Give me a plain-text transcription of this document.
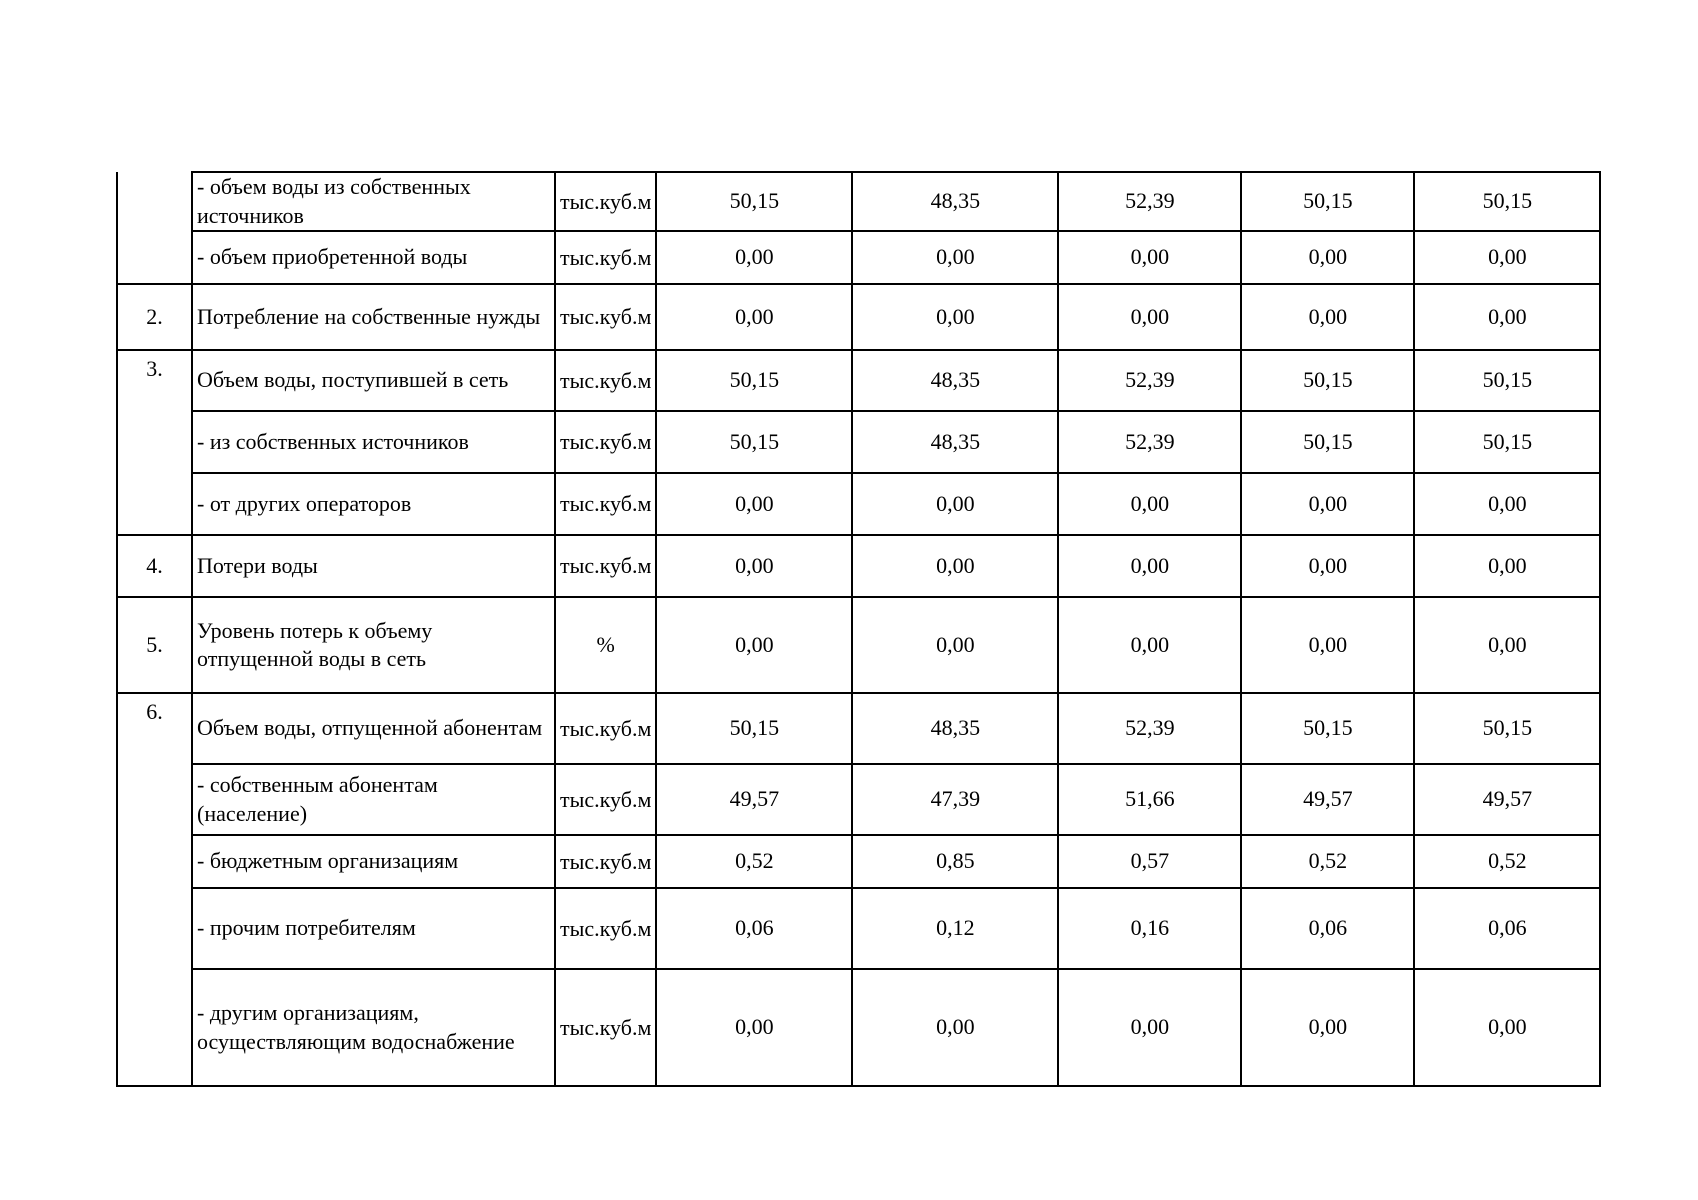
	- объем воды из собственных источников	тыс.куб.м	50,15	48,35	52,39	50,15	50,15
	- объем приобретенной воды	тыс.куб.м	0,00	0,00	0,00	0,00	0,00
2.	Потребление на собственные нужды	тыс.куб.м	0,00	0,00	0,00	0,00	0,00
3.	Объем воды, поступившей в сеть	тыс.куб.м	50,15	48,35	52,39	50,15	50,15
	- из собственных источников	тыс.куб.м	50,15	48,35	52,39	50,15	50,15
	- от других операторов	тыс.куб.м	0,00	0,00	0,00	0,00	0,00
4.	Потери воды	тыс.куб.м	0,00	0,00	0,00	0,00	0,00
5.	Уровень потерь к объему отпущенной воды в сеть	%	0,00	0,00	0,00	0,00	0,00
6.	Объем воды, отпущенной абонентам	тыс.куб.м	50,15	48,35	52,39	50,15	50,15
	- собственным абонентам (население)	тыс.куб.м	49,57	47,39	51,66	49,57	49,57
	- бюджетным организациям	тыс.куб.м	0,52	0,85	0,57	0,52	0,52
	- прочим потребителям	тыс.куб.м	0,06	0,12	0,16	0,06	0,06
	- другим организациям, осуществляющим водоснабжение	тыс.куб.м	0,00	0,00	0,00	0,00	0,00
